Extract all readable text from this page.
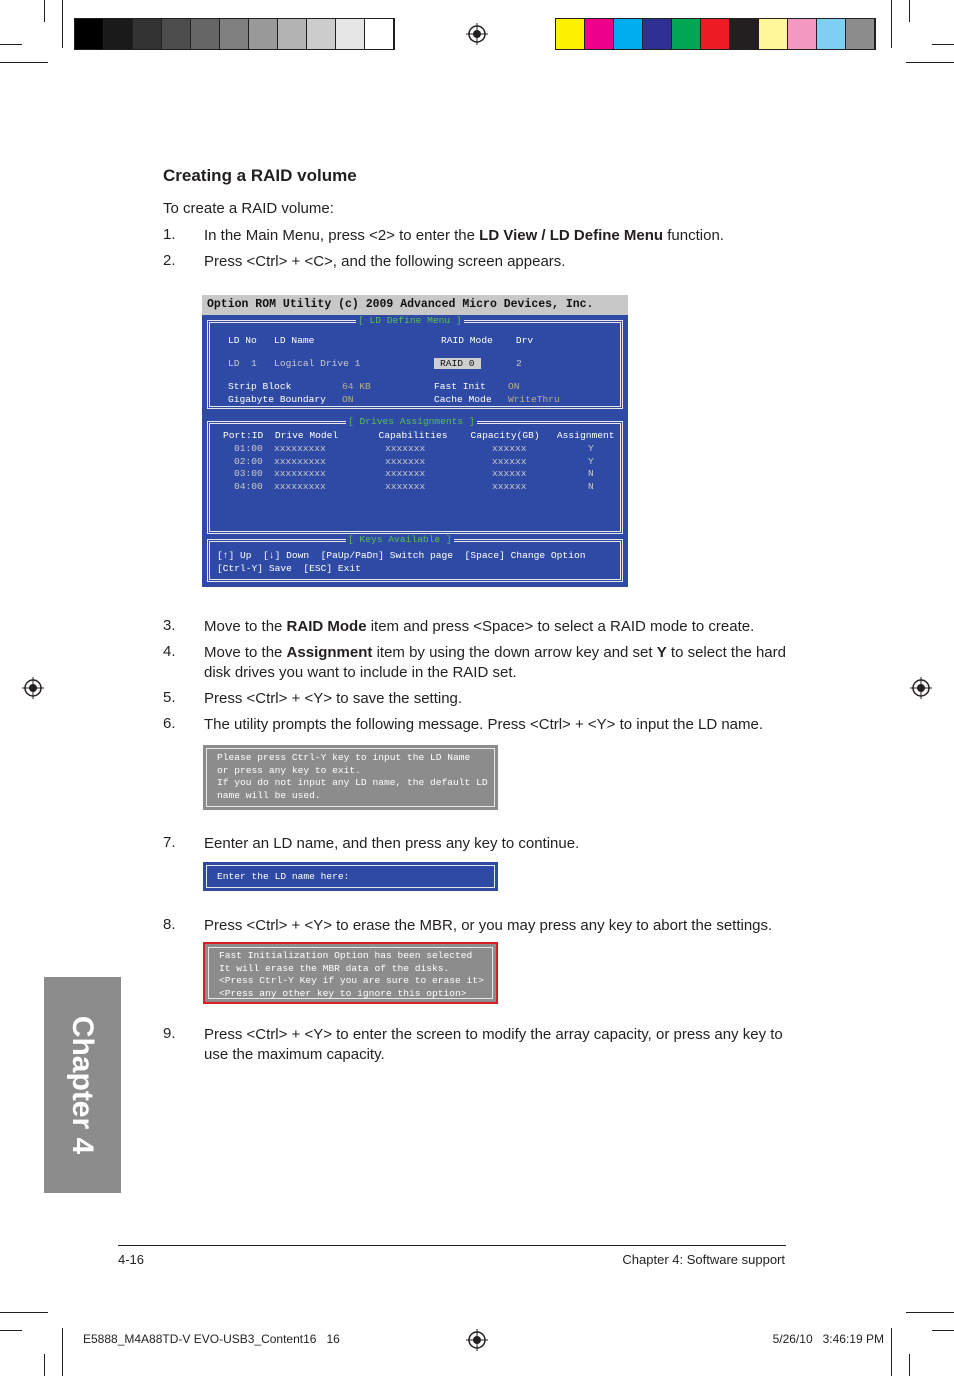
Creating a RAID volume
To create a RAID volume:
1. In the Main Menu, press <2> to enter the LD View / LD Define Menu function.
2. Press <Ctrl> + <C>, and the following screen appears.
Option ROM Utility (c) 2009 Advanced Micro Devices, Inc.
[ LD Define Menu ]
LD No   LD Name                      RAID Mode    Drv
LD  1   Logical Drive 1	RAID 0	2
Strip Block	64 KB
Gigabyte Boundary ON
Fast Init ON
Cache Mode WriteThru
[ Drives Assignments ]
Port:ID  Drive Model       Capabilities    Capacity(GB)   Assignment
01:00 xxxxxxxxx	xxxxxxx	xxxxxx	Y
02:00 xxxxxxxxx	xxxxxxx	xxxxxx	Y
03:00 xxxxxxxxx	xxxxxxx	xxxxxx	N
04:00 xxxxxxxxx	xxxxxxx	xxxxxx	N
[ Keys Available ]
[↑] Up  [↓] Down  [PaUp/PaDn] Switch page  [Space] Change Option
[Ctrl-Y] Save  [ESC] Exit
3. Move to the RAID Mode item and press <Space> to select a RAID mode to create.
4. Move to the Assignment item by using the down arrow key and set Y to select the hard disk drives you want to include in the RAID set.
5. Press <Ctrl> + <Y> to save the setting.
6. The utility prompts the following message. Press <Ctrl> + <Y> to input the LD name.
Please press Ctrl-Y key to input the LD Name
or press any key to exit.
If you do not input any LD name, the default LD
name will be used.
7. Eenter an LD name, and then press any key to continue.
Enter the LD name here:
8. Press <Ctrl> + <Y> to erase the MBR, or you may press any key to abort the settings.
Fast Initialization Option has been selected
It will erase the MBR data of the disks.
<Press Ctrl-Y Key if you are sure to erase it>
<Press any other key to ignore this option>
9. Press <Ctrl> + <Y> to enter the screen to modify the array capacity, or press any key to use the maximum capacity.
Chapter 4
4-16	Chapter 4: Software support
E5888_M4A88TD-V EVO-USB3_Content16   16	5/26/10   3:46:19 PM
